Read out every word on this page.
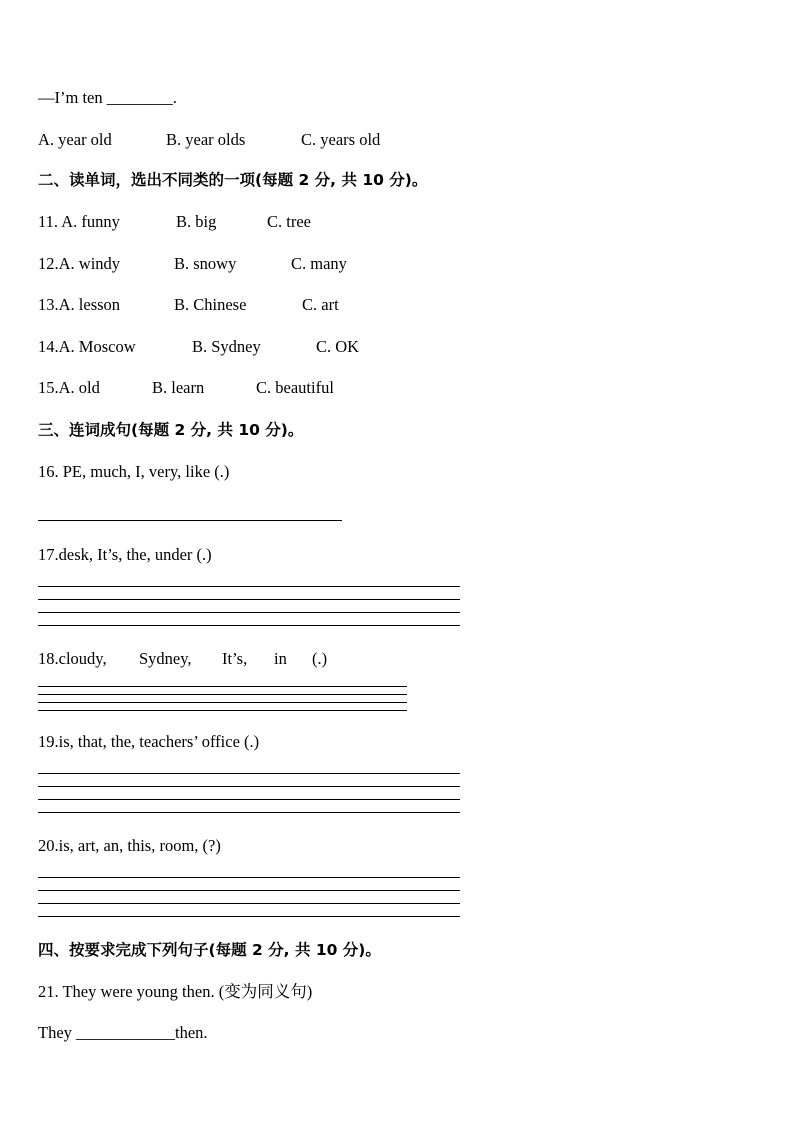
—I’m ten ________.
A. year old	B. year olds	C. years old
二、读单词，选出不同类的一项(每题 2 分, 共 10 分)。
11. A. funny	B. big	C. tree
12.A. windy	B. snowy	C. many
13.A. lesson	B. Chinese	C. art
14.A. Moscow	B. Sydney	C. OK
15.A. old	B. learn	C. beautiful
三、连词成句(每题 2 分, 共 10 分)。
16. PE, much, I, very, like (.)
17.desk, It’s, the, under (.)
18.cloudy, Sydney, It’s, in (.)
19.is, that, the, teachers’ office (.)
20.is, art, an, this, room, (?)
四、按要求完成下列句子(每题 2 分, 共 10 分)。
21. They were young then. (变为同义句)
They ____________then.
